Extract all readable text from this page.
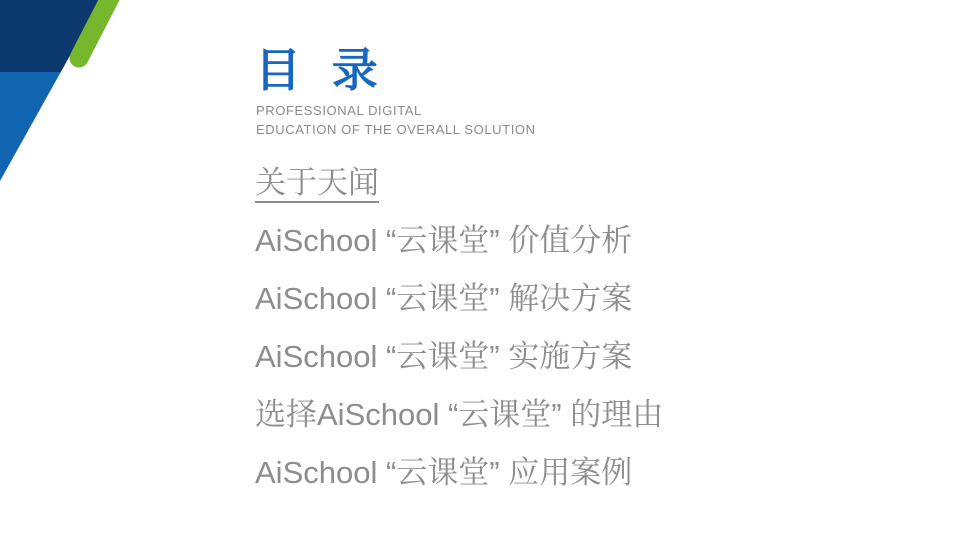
目 录
PROFESSIONAL DIGITAL
EDUCATION OF THE OVERALL SOLUTION
关于天闻
AiSchool “云课堂” 价值分析
AiSchool “云课堂” 解决方案
AiSchool “云课堂” 实施方案
选择AiSchool “云课堂” 的理由
AiSchool “云课堂” 应用案例
